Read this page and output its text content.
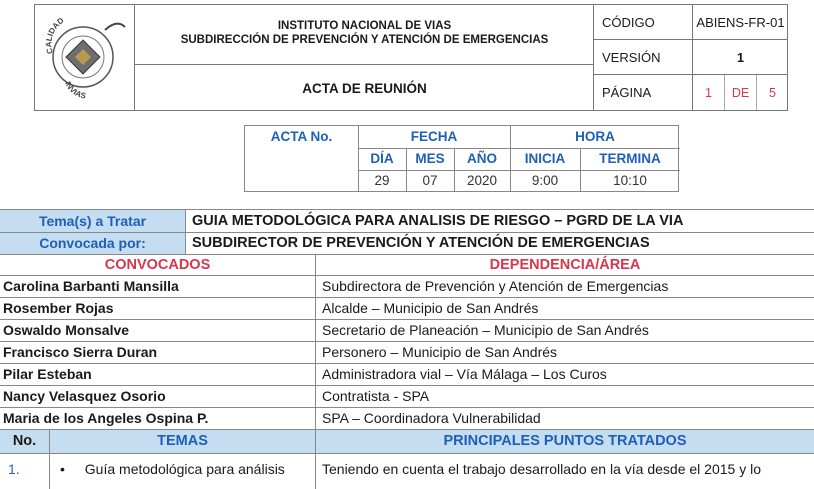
CALIDAD
INVIAS
INSTITUTO NACIONAL DE VIAS
SUBDIRECCIÓN DE PREVENCIÓN Y ATENCIÓN DE EMERGENCIAS
ACTA DE REUNIÓN
CÓDIGO	ABIENS-FR-01
VERSIÓN	1
PÁGINA	1	DE	5
ACTA No.	FECHA	HORA
DÍA	MES	AÑO	INICIA	TERMINA
29	07	2020	9:00	10:10
Tema(s) a Tratar	GUIA METODOLÓGICA PARA ANALISIS DE RIESGO – PGRD DE LA VIA
Convocada por:	SUBDIRECTOR DE PREVENCIÓN Y ATENCIÓN DE EMERGENCIAS
CONVOCADOS	DEPENDENCIA/ÁREA
Carolina Barbanti Mansilla	Subdirectora de Prevención y Atención de Emergencias
Rosember Rojas	Alcalde – Municipio de San Andrés
Oswaldo Monsalve	Secretario de Planeación – Municipio de San Andrés
Francisco Sierra Duran	Personero – Municipio de San Andrés
Pilar Esteban	Administradora vial – Vía Málaga – Los Curos
Nancy Velasquez Osorio	Contratista - SPA
Maria de los Angeles Ospina P.	SPA – Coordinadora Vulnerabilidad
No.	TEMAS	PRINCIPALES PUNTOS TRATADOS
1.	• Guía metodológica para análisis	Teniendo en cuenta el trabajo desarrollado en la vía desde el 2015 y lo
